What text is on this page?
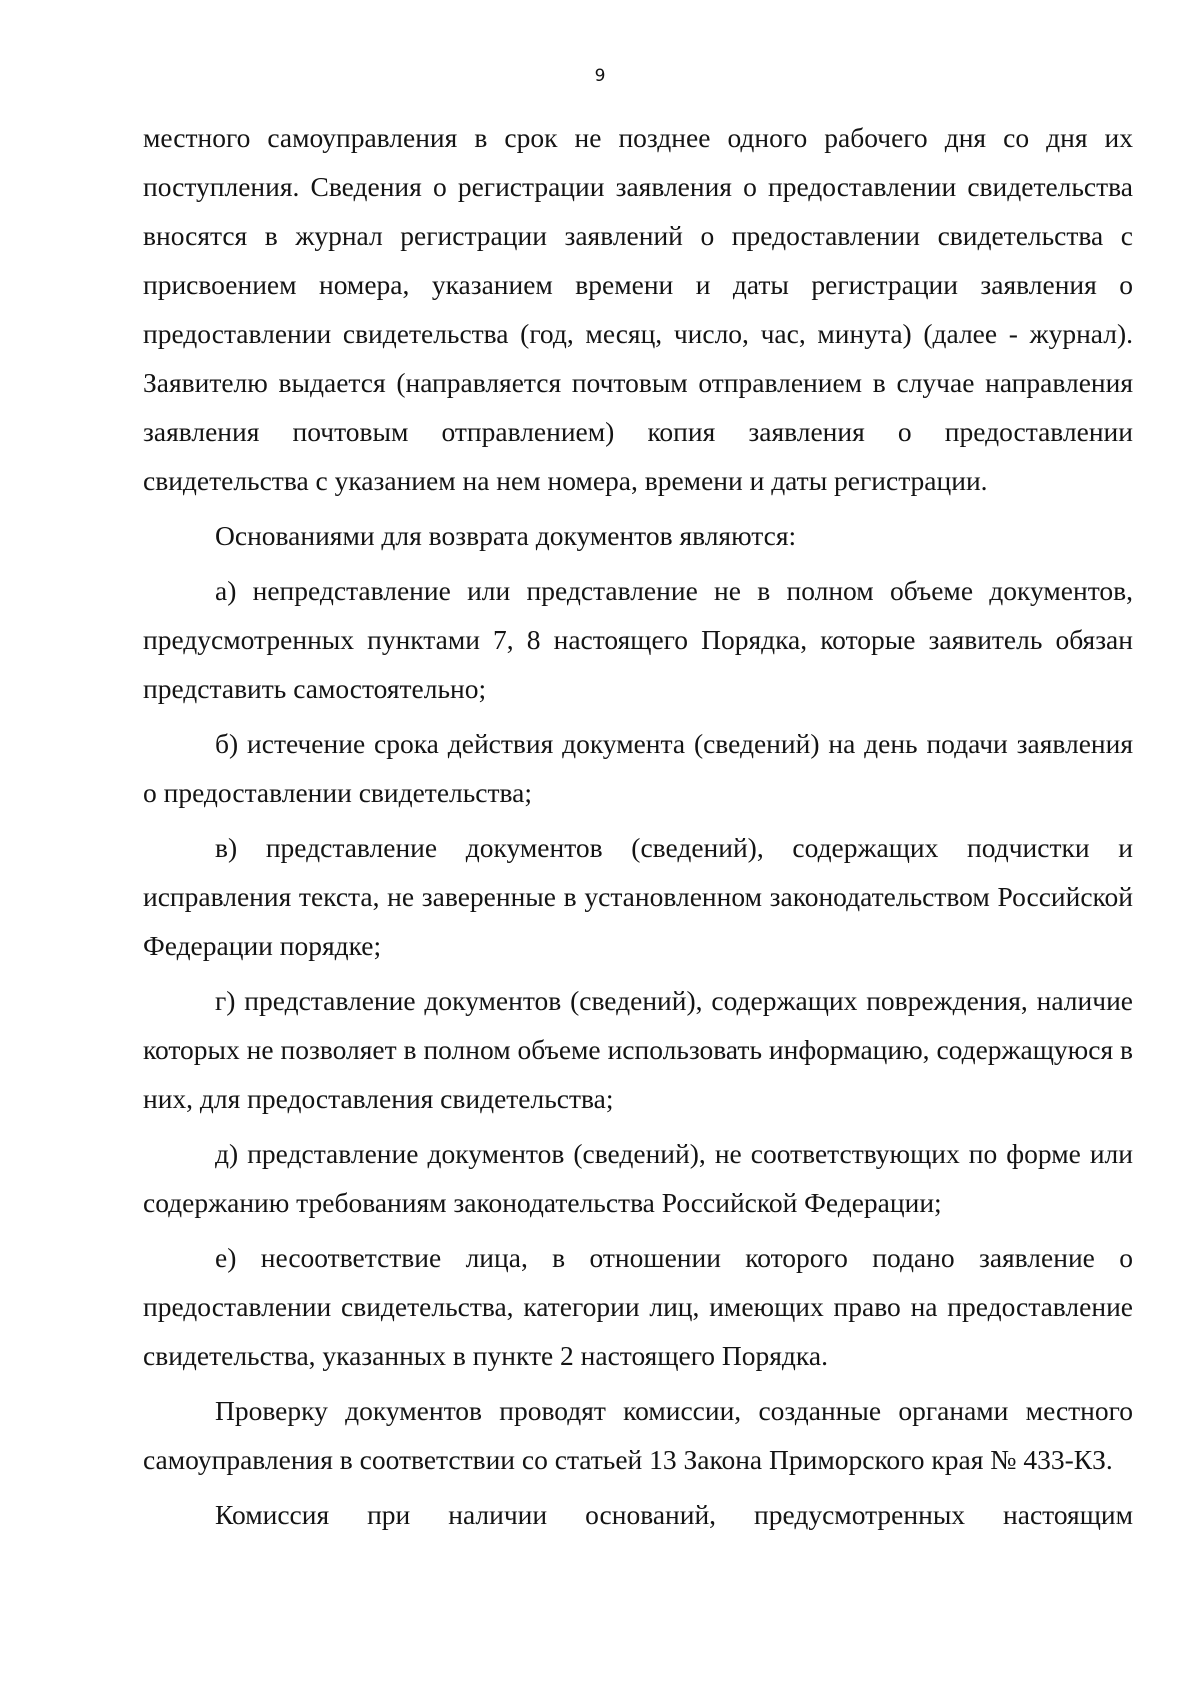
9

местного самоуправления в срок не позднее одного рабочего дня со дня их поступления. Сведения о регистрации заявления о предоставлении свидетельства вносятся в журнал регистрации заявлений о предоставлении свидетельства с присвоением номера, указанием времени и даты регистрации заявления о предоставлении свидетельства (год, месяц, число, час, минута) (далее - журнал). Заявителю выдается (направляется почтовым отправлением в случае направления заявления почтовым отправлением) копия заявления о предоставлении свидетельства с указанием на нем номера, времени и даты регистрации.

Основаниями для возврата документов являются:

а) непредставление или представление не в полном объеме документов, предусмотренных пунктами 7, 8 настоящего Порядка, которые заявитель обязан представить самостоятельно;

б) истечение срока действия документа (сведений) на день подачи заявления о предоставлении свидетельства;

в) представление документов (сведений), содержащих подчистки и исправления текста, не заверенные в установленном законодательством Российской Федерации порядке;

г) представление документов (сведений), содержащих повреждения, наличие которых не позволяет в полном объеме использовать информацию, содержащуюся в них, для предоставления свидетельства;

д) представление документов (сведений), не соответствующих по форме или содержанию требованиям законодательства Российской Федерации;

е) несоответствие лица, в отношении которого подано заявление о предоставлении свидетельства, категории лиц, имеющих право на предоставление свидетельства, указанных в пункте 2 настоящего Порядка.

Проверку документов проводят комиссии, созданные органами местного самоуправления в соответствии со статьей 13 Закона Приморского края № 433-КЗ.

Комиссия при наличии оснований, предусмотренных настоящим
